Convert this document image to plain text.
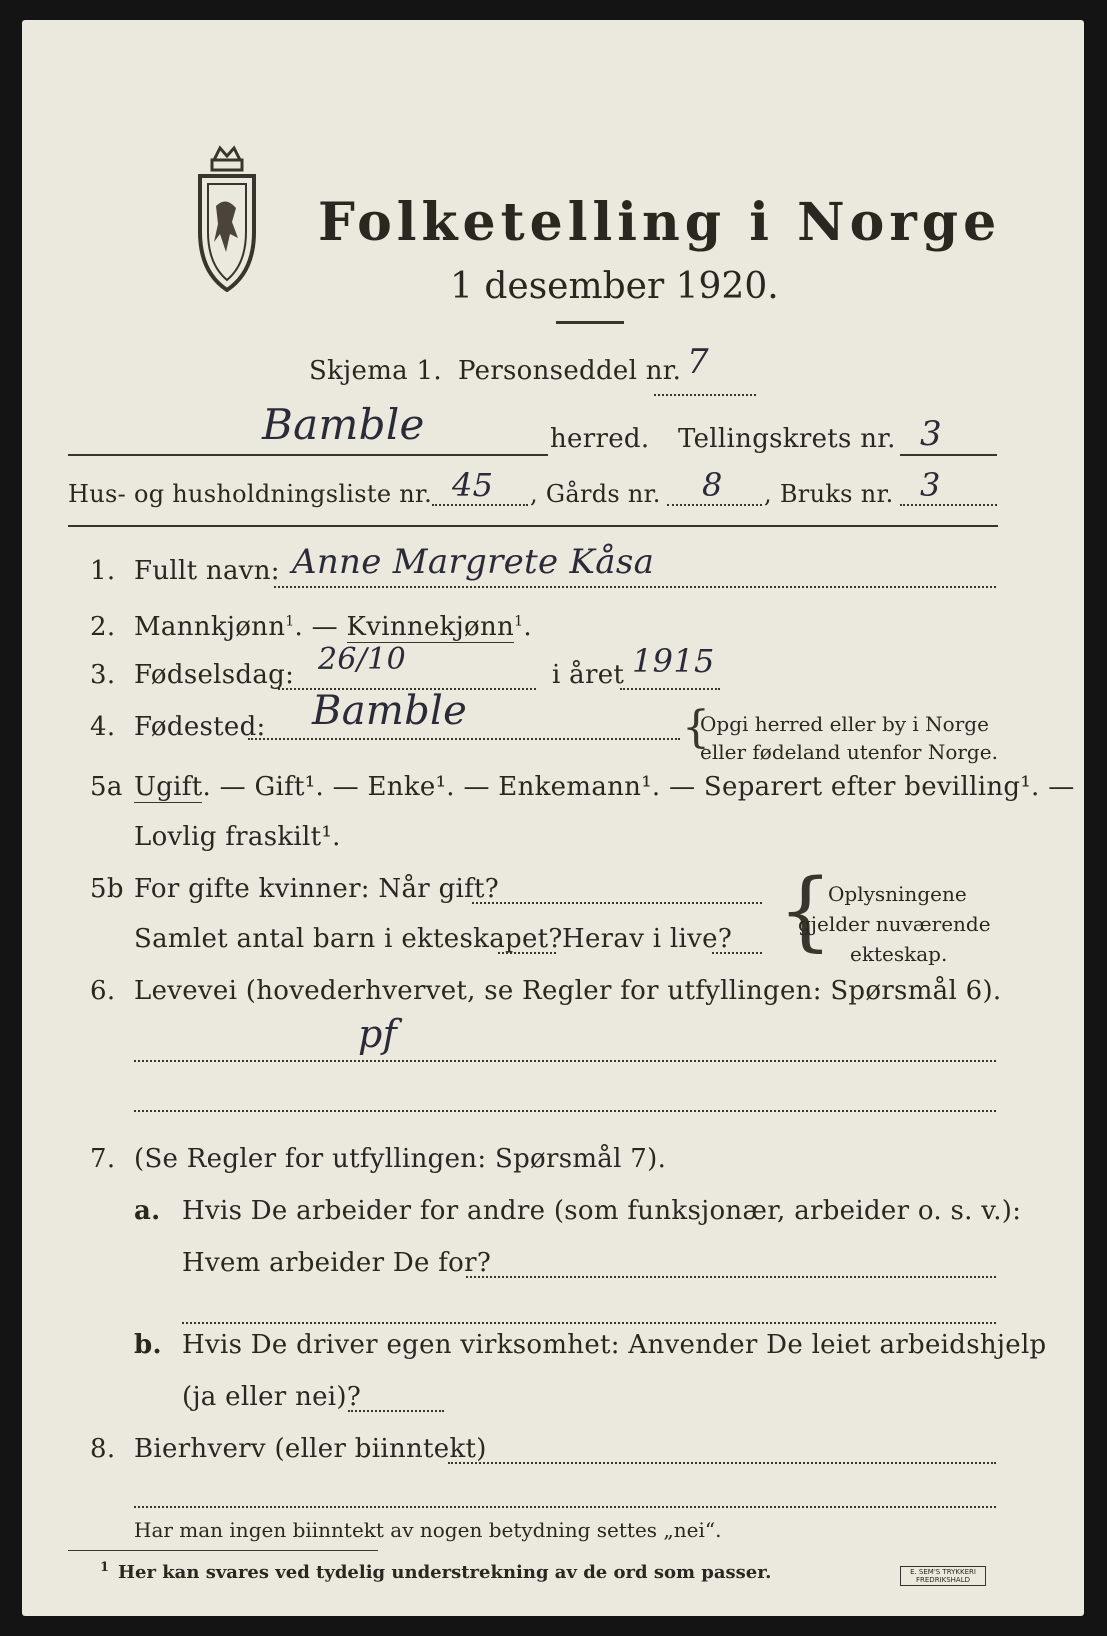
Folketelling i Norge
1 desember 1920.
Skjema 1. Personseddel nr. 7
Bamble	herred. Tellingskrets nr. 3
Hus- og husholdningsliste nr. 45 , Gårds nr. 8 , Bruks nr. 3
1. Fullt navn: Anne Margrete Kåsa
2. Mannkjønn$^1$. — Kvinnekjønn$^1$.
3. Fødselsdag: 26/10	i året 1915
4. Fødested: Bamble	{
Opgi herred eller by i Norge
eller fødeland utenfor Norge.
5a Ugift. — Gift¹. — Enke¹. — Enkemann¹. — Separert efter bevilling¹. —
Lovlig fraskilt¹.
5b For gifte kvinner: Når gift?
Samlet antal barn i ekteskapet? Herav i live? {
Oplysningene
gjelder nuværende
ekteskap.
6. Levevei (hovederhvervet, se Regler for utfyllingen: Spørsmål 6).
pf
7. (Se Regler for utfyllingen: Spørsmål 7).
a. Hvis De arbeider for andre (som funksjonær, arbeider o. s. v.):
Hvem arbeider De for?
b. Hvis De driver egen virksomhet: Anvender De leiet arbeidshjelp
(ja eller nei)?
8. Bierhverv (eller biinntekt)
Har man ingen biinntekt av nogen betydning settes „nei“.
1 Her kan svares ved tydelig understrekning av de ord som passer.	E. SEM'S TRYKKERI
FREDRIKSHALD
